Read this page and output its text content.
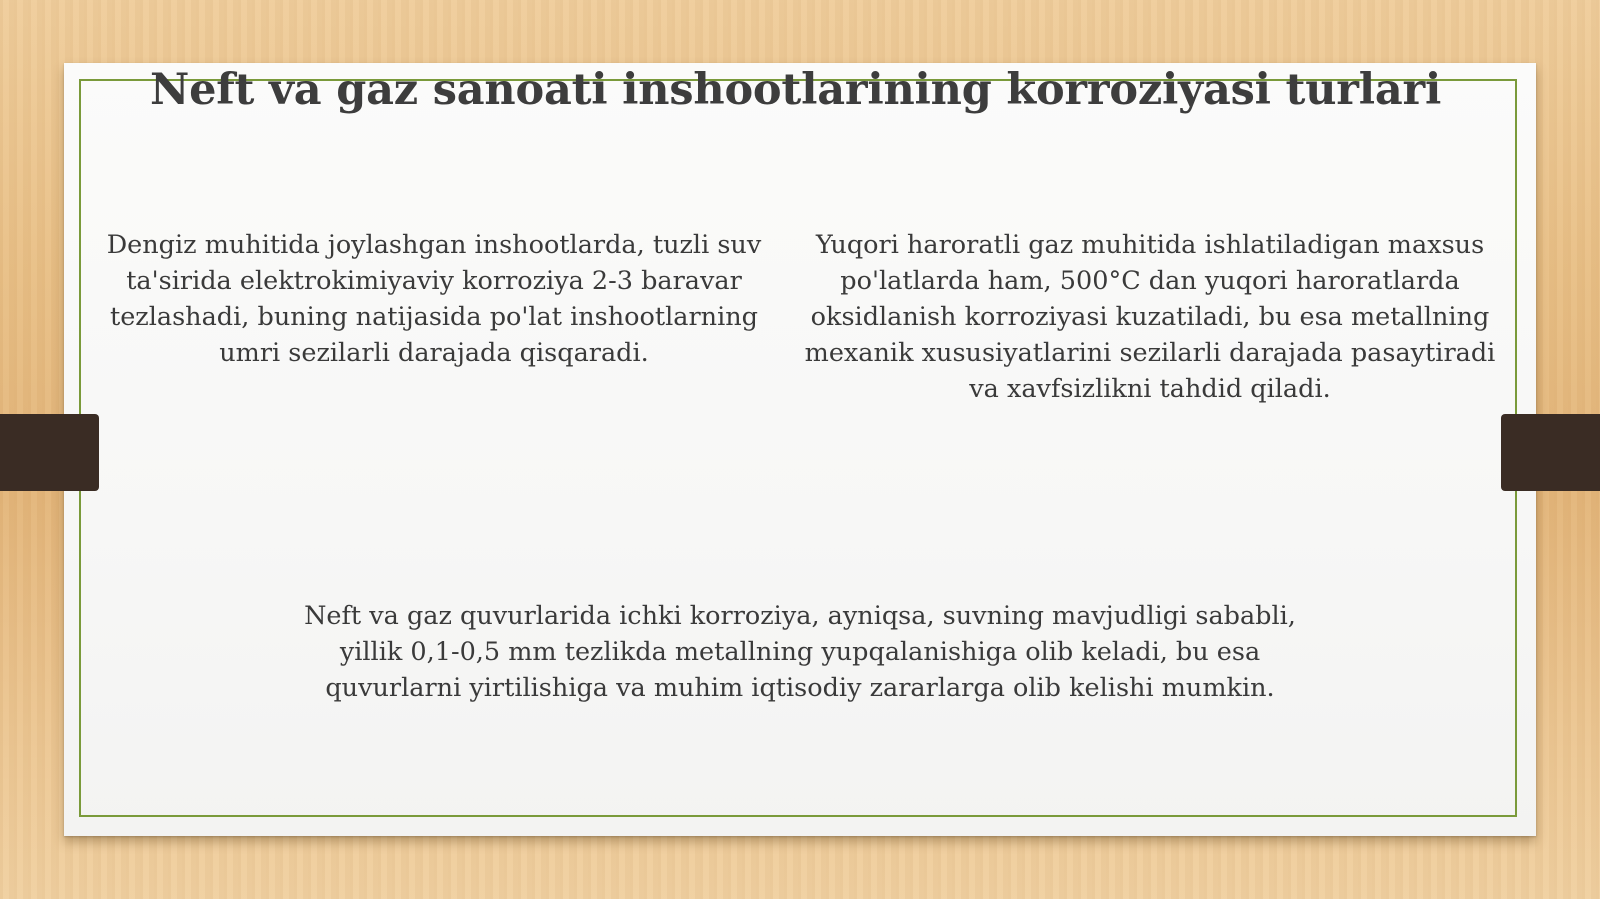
Neft va gaz sanoati inshootlarining korroziyasi turlari

Dengiz muhitida joylashgan inshootlarda, tuzli suv ta'sirida elektrokimiyaviy korroziya 2-3 baravar tezlashadi, buning natijasida po'lat inshootlarning umri sezilarli darajada qisqaradi.

Yuqori haroratli gaz muhitida ishlatiladigan maxsus po'latlarda ham, 500°C dan yuqori haroratlarda oksidlanish korroziyasi kuzatiladi, bu esa metallning mexanik xususiyatlarini sezilarli darajada pasaytiradi va xavfsizlikni tahdid qiladi.

Neft va gaz quvurlarida ichki korroziya, ayniqsa, suvning mavjudligi sababli, yillik 0,1-0,5 mm tezlikda metallning yupqalanishiga olib keladi, bu esa quvurlarni yirtilishiga va muhim iqtisodiy zararlarga olib kelishi mumkin.
